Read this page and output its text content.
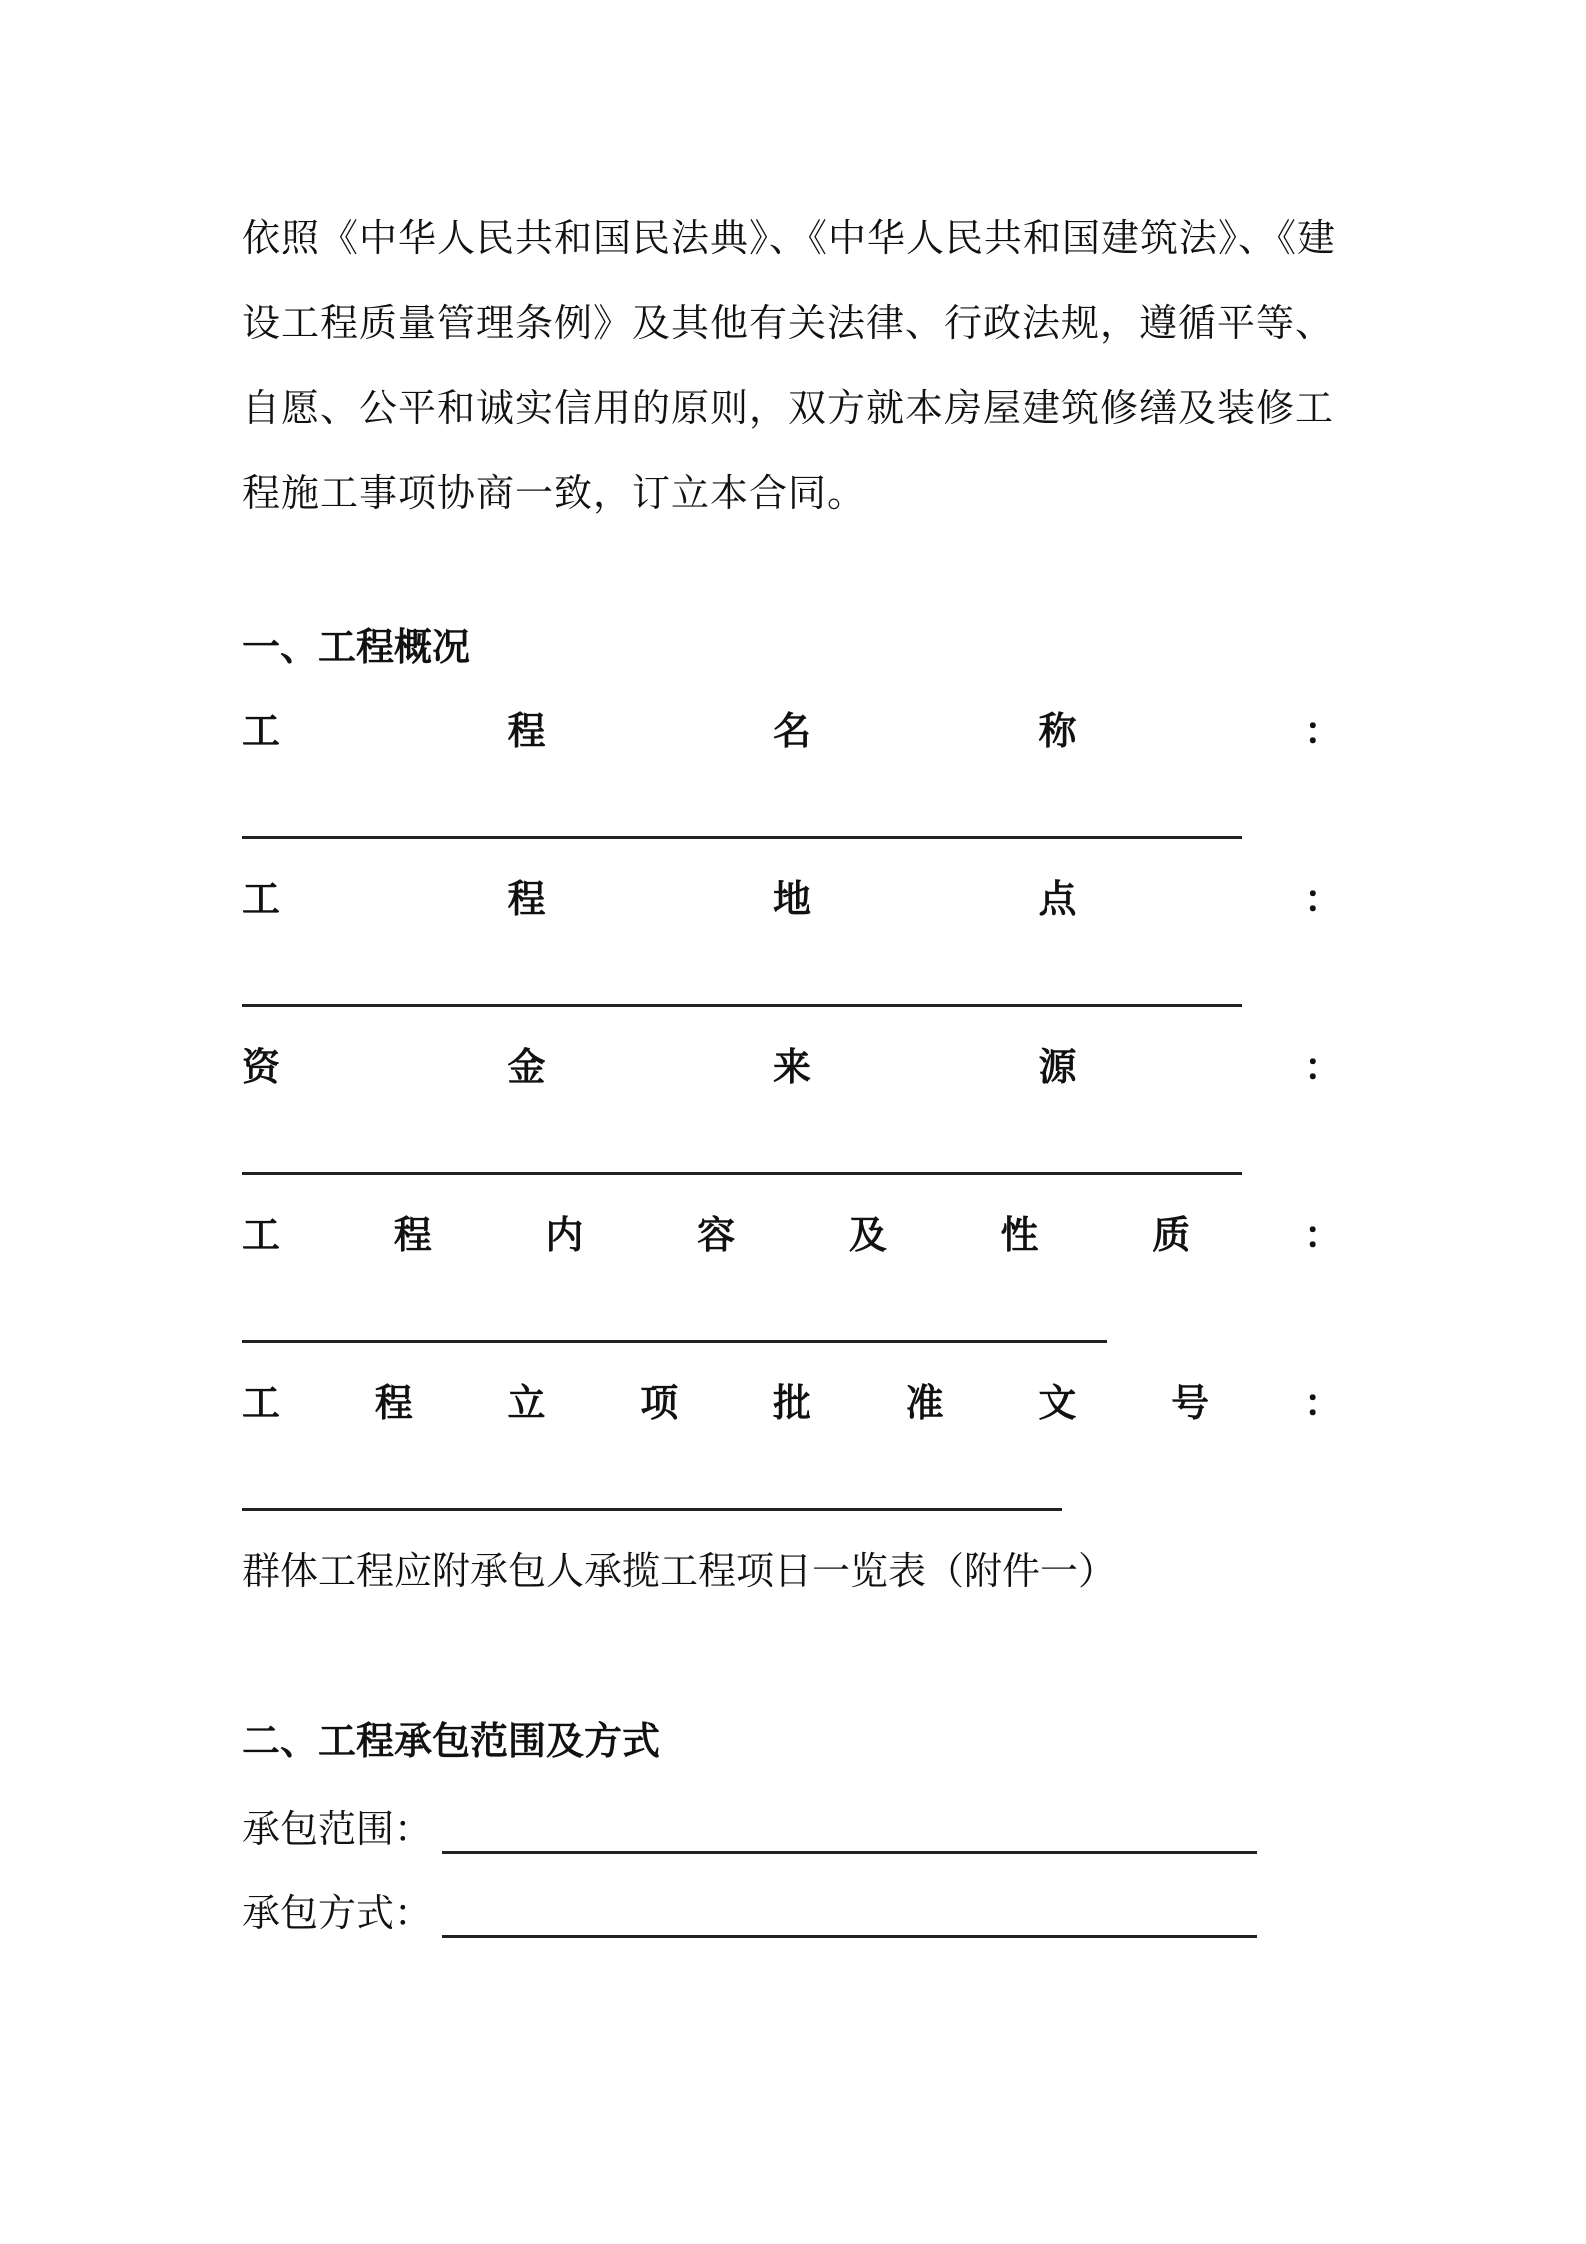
依照《中华人民共和国民法典》、《中华人民共和国建筑法》、《建设工程质量管理条例》及其他有关法律、行政法规，遵循平等、自愿、公平和诚实信用的原则，双方就本房屋建筑修缮及装修工程施工事项协商一致，订立本合同。

一、工程概况
工	程	名	称	：
工	程	地	点	：
资	金	来	源	：
工	程	内	容	及	性	质	：
工 程 立 项 批 准 文 号 ：

群体工程应附承包人承揽工程项日一览表（附件一）

二、工程承包范围及方式
承包范围：
承包方式：
